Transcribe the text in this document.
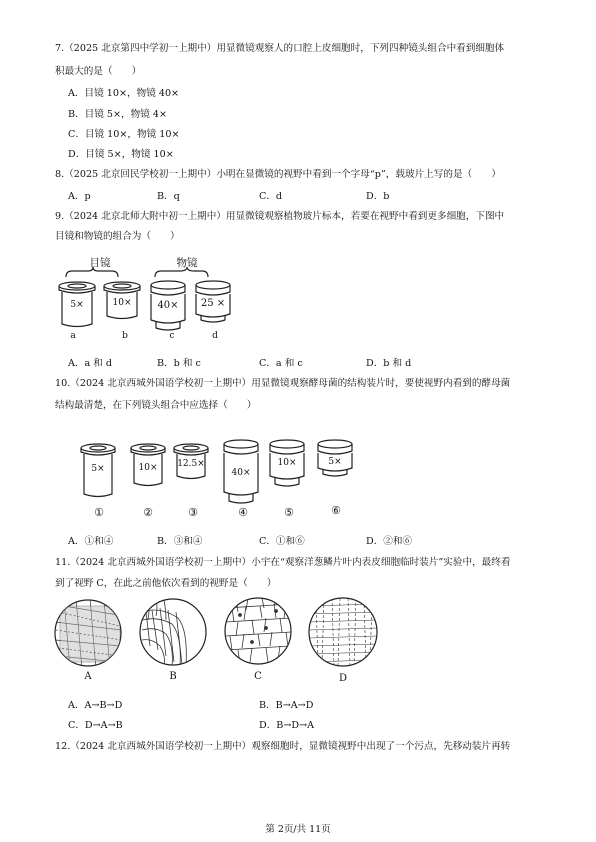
7.（2025 北京第四中学初一上期中）用显微镜观察人的口腔上皮细胞时，下列四种镜头组合中看到细胞体
积最大的是（　　）
A．目镜 10×，物镜 40×
B．目镜 5×，物镜 4×
C．目镜 10×，物镜 10×
D．目镜 5×，物镜 10×
8.（2025 北京回民学校初一上期中）小明在显微镜的视野中看到一个字母“p”，载玻片上写的是（　　）
A．p	B．q	C．d	D．b
9.（2024 北京北师大附中初一上期中）用显微镜观察植物玻片标本，若要在视野中看到更多细胞，下图中
目镜和物镜的组合为（　　）
目镜	物镜
5×	10×	40×	25 ×
a	b	c	d
A．a 和 d	B．b 和 c	C．a 和 c	D．b 和 d
10.（2024 北京西城外国语学校初一上期中）用显微镜观察酵母菌的结构装片时，要使视野内看到的酵母菌
结构最清楚，在下列镜头组合中应选择（　　）
5×	10×	12.5×
40×
10×	5×
①	②	③	④	⑤	⑥
A．①和④	B．③和④	C．①和⑥	D．②和⑥
11.（2024 北京西城外国语学校初一上期中）小宇在“观察洋葱鳞片叶内表皮细胞临时装片”实验中，最终看
到了视野 C，在此之前他依次看到的视野是（　　）
A	B	C	D
A．A→B→D	B．B→A→D
C．D→A→B	D．B→D→A
12.（2024 北京西城外国语学校初一上期中）观察细胞时，显微镜视野中出现了一个污点，先移动装片再转
第 2页/共 11页
